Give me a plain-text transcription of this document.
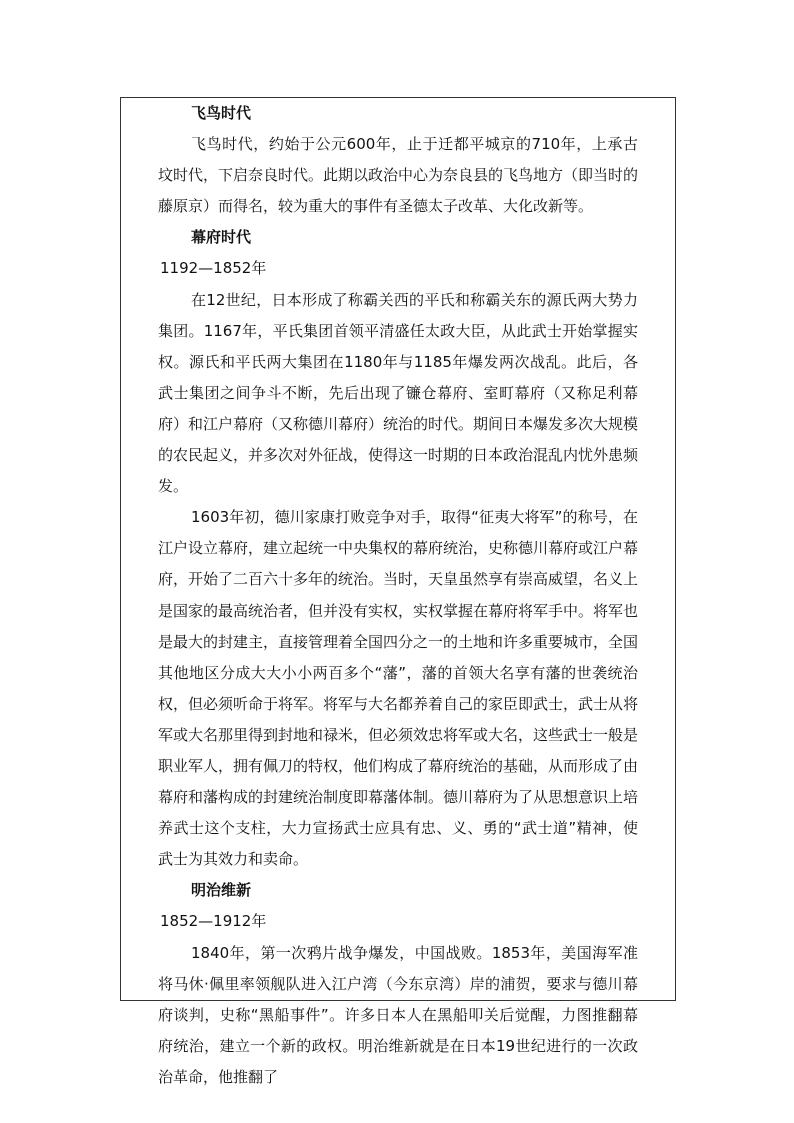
飞鸟时代

飞鸟时代，约始于公元600年，止于迁都平城京的710年，上承古坟时代，下启奈良时代。此期以政治中心为奈良县的飞鸟地方（即当时的藤原京）而得名，较为重大的事件有圣德太子改革、大化改新等。

幕府时代

1192—1852年

在12世纪，日本形成了称霸关西的平氏和称霸关东的源氏两大势力集团。1167年，平氏集团首领平清盛任太政大臣，从此武士开始掌握实权。源氏和平氏两大集团在1180年与1185年爆发两次战乱。此后，各武士集团之间争斗不断，先后出现了镰仓幕府、室町幕府（又称足利幕府）和江户幕府（又称德川幕府）统治的时代。期间日本爆发多次大规模的农民起义，并多次对外征战，使得这一时期的日本政治混乱内忧外患频发。

1603年初，德川家康打败竞争对手，取得“征夷大将军”的称号，在江户设立幕府，建立起统一中央集权的幕府统治，史称德川幕府或江户幕府，开始了二百六十多年的统治。当时，天皇虽然享有崇高威望，名义上是国家的最高统治者，但并没有实权，实权掌握在幕府将军手中。将军也是最大的封建主，直接管理着全国四分之一的土地和许多重要城市，全国其他地区分成大大小小两百多个“藩”，藩的首领大名享有藩的世袭统治权，但必须听命于将军。将军与大名都养着自己的家臣即武士，武士从将军或大名那里得到封地和禄米，但必须效忠将军或大名，这些武士一般是职业军人，拥有佩刀的特权，他们构成了幕府统治的基础，从而形成了由幕府和藩构成的封建统治制度即幕藩体制。德川幕府为了从思想意识上培养武士这个支柱，大力宣扬武士应具有忠、义、勇的“武士道”精神，使武士为其效力和卖命。

明治维新

1852—1912年

1840年，第一次鸦片战争爆发，中国战败。1853年，美国海军准将马休·佩里率领舰队进入江户湾（今东京湾）岸的浦贺，要求与德川幕府谈判，史称“黑船事件”。许多日本人在黑船叩关后觉醒，力图推翻幕府统治，建立一个新的政权。明治维新就是在日本19世纪进行的一次政治革命，他推翻了
